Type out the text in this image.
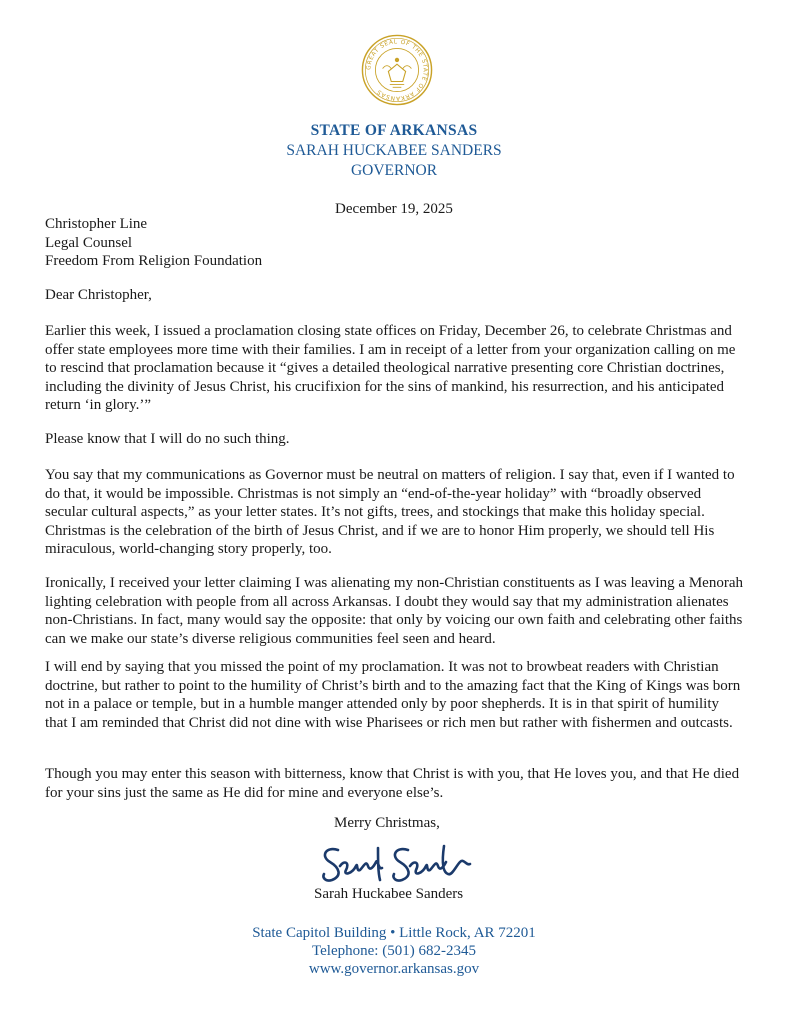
GREAT SEAL OF THE STATE OF ARKANSAS
STATE OF ARKANSAS
SARAH HUCKABEE SANDERS
GOVERNOR
December 19, 2025
Christopher Line
Legal Counsel
Freedom From Religion Foundation
Dear Christopher,

Earlier this week, I issued a proclamation closing state offices on Friday, December 26, to celebrate Christmas and offer state employees more time with their families. I am in receipt of a letter from your organization calling on me to rescind that proclamation because it “gives a detailed theological narrative presenting core Christian doctrines, including the divinity of Jesus Christ, his crucifixion for the sins of mankind, his resurrection, and his anticipated return ‘in glory.’”

Please know that I will do no such thing.

You say that my communications as Governor must be neutral on matters of religion. I say that, even if I wanted to do that, it would be impossible. Christmas is not simply an “end-of-the-year holiday” with “broadly observed secular cultural aspects,” as your letter states. It’s not gifts, trees, and stockings that make this holiday special. Christmas is the celebration of the birth of Jesus Christ, and if we are to honor Him properly, we should tell His miraculous, world-changing story properly, too.

Ironically, I received your letter claiming I was alienating my non-Christian constituents as I was leaving a Menorah lighting celebration with people from all across Arkansas. I doubt they would say that my administration alienates non-Christians. In fact, many would say the opposite: that only by voicing our own faith and celebrating other faiths can we make our state’s diverse religious communities feel seen and heard.

I will end by saying that you missed the point of my proclamation. It was not to browbeat readers with Christian doctrine, but rather to point to the humility of Christ’s birth and to the amazing fact that the King of Kings was born not in a palace or temple, but in a humble manger attended only by poor shepherds. It is in that spirit of humility that I am reminded that Christ did not dine with wise Pharisees or rich men but rather with fishermen and outcasts.

Though you may enter this season with bitterness, know that Christ is with you, that He loves you, and that He died for your sins just the same as He did for mine and everyone else’s.

Merry Christmas,
Sarah Huckabee Sanders
State Capitol Building • Little Rock, AR 72201
Telephone: (501) 682-2345
www.governor.arkansas.gov
